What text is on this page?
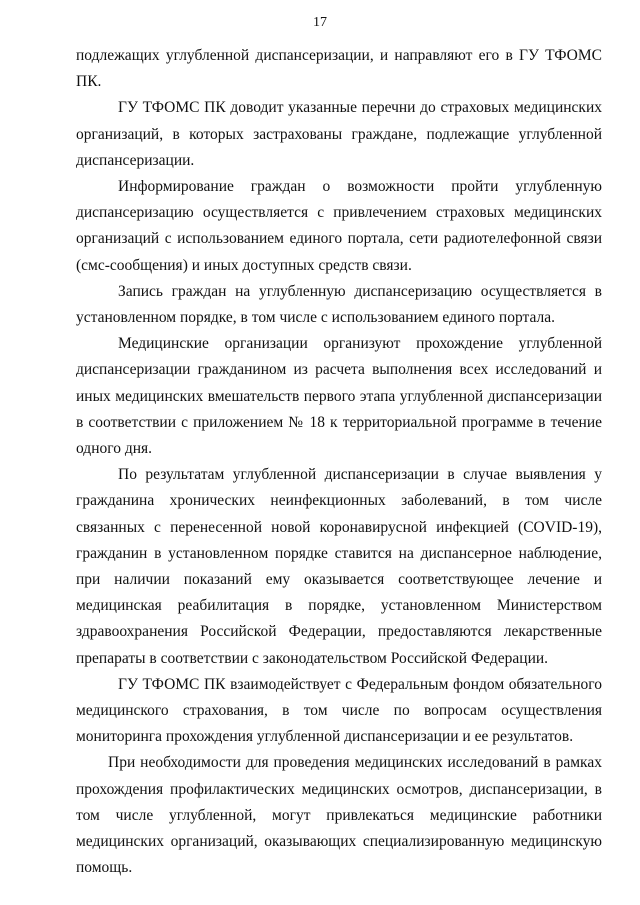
17

подлежащих углубленной диспансеризации, и направляют его в ГУ ТФОМС ПК.

ГУ ТФОМС ПК доводит указанные перечни до страховых медицинских организаций, в которых застрахованы граждане, подлежащие углубленной диспансеризации.

Информирование граждан о возможности пройти углубленную диспансеризацию осуществляется с привлечением страховых медицинских организаций с использованием единого портала, сети радиотелефонной связи (смс-сообщения) и иных доступных средств связи.

Запись граждан на углубленную диспансеризацию осуществляется в установленном порядке, в том числе с использованием единого портала.

Медицинские организации организуют прохождение углубленной диспансеризации гражданином из расчета выполнения всех исследований и иных медицинских вмешательств первого этапа углубленной диспансеризации в соответствии с приложением № 18 к территориальной программе в течение одного дня.

По результатам углубленной диспансеризации в случае выявления у гражданина хронических неинфекционных заболеваний, в том числе связанных с перенесенной новой коронавирусной инфекцией (COVID-19), гражданин в установленном порядке ставится на диспансерное наблюдение, при наличии показаний ему оказывается соответствующее лечение и медицинская реабилитация в порядке, установленном Министерством здравоохранения Российской Федерации, предоставляются лекарственные препараты в соответствии с законодательством Российской Федерации.

ГУ ТФОМС ПК взаимодействует с Федеральным фондом обязательного медицинского страхования, в том числе по вопросам осуществления мониторинга прохождения углубленной диспансеризации и ее результатов.

При необходимости для проведения медицинских исследований в рамках прохождения профилактических медицинских осмотров, диспансеризации, в том числе углубленной, могут привлекаться медицинские работники медицинских организаций, оказывающих специализированную медицинскую помощь.
